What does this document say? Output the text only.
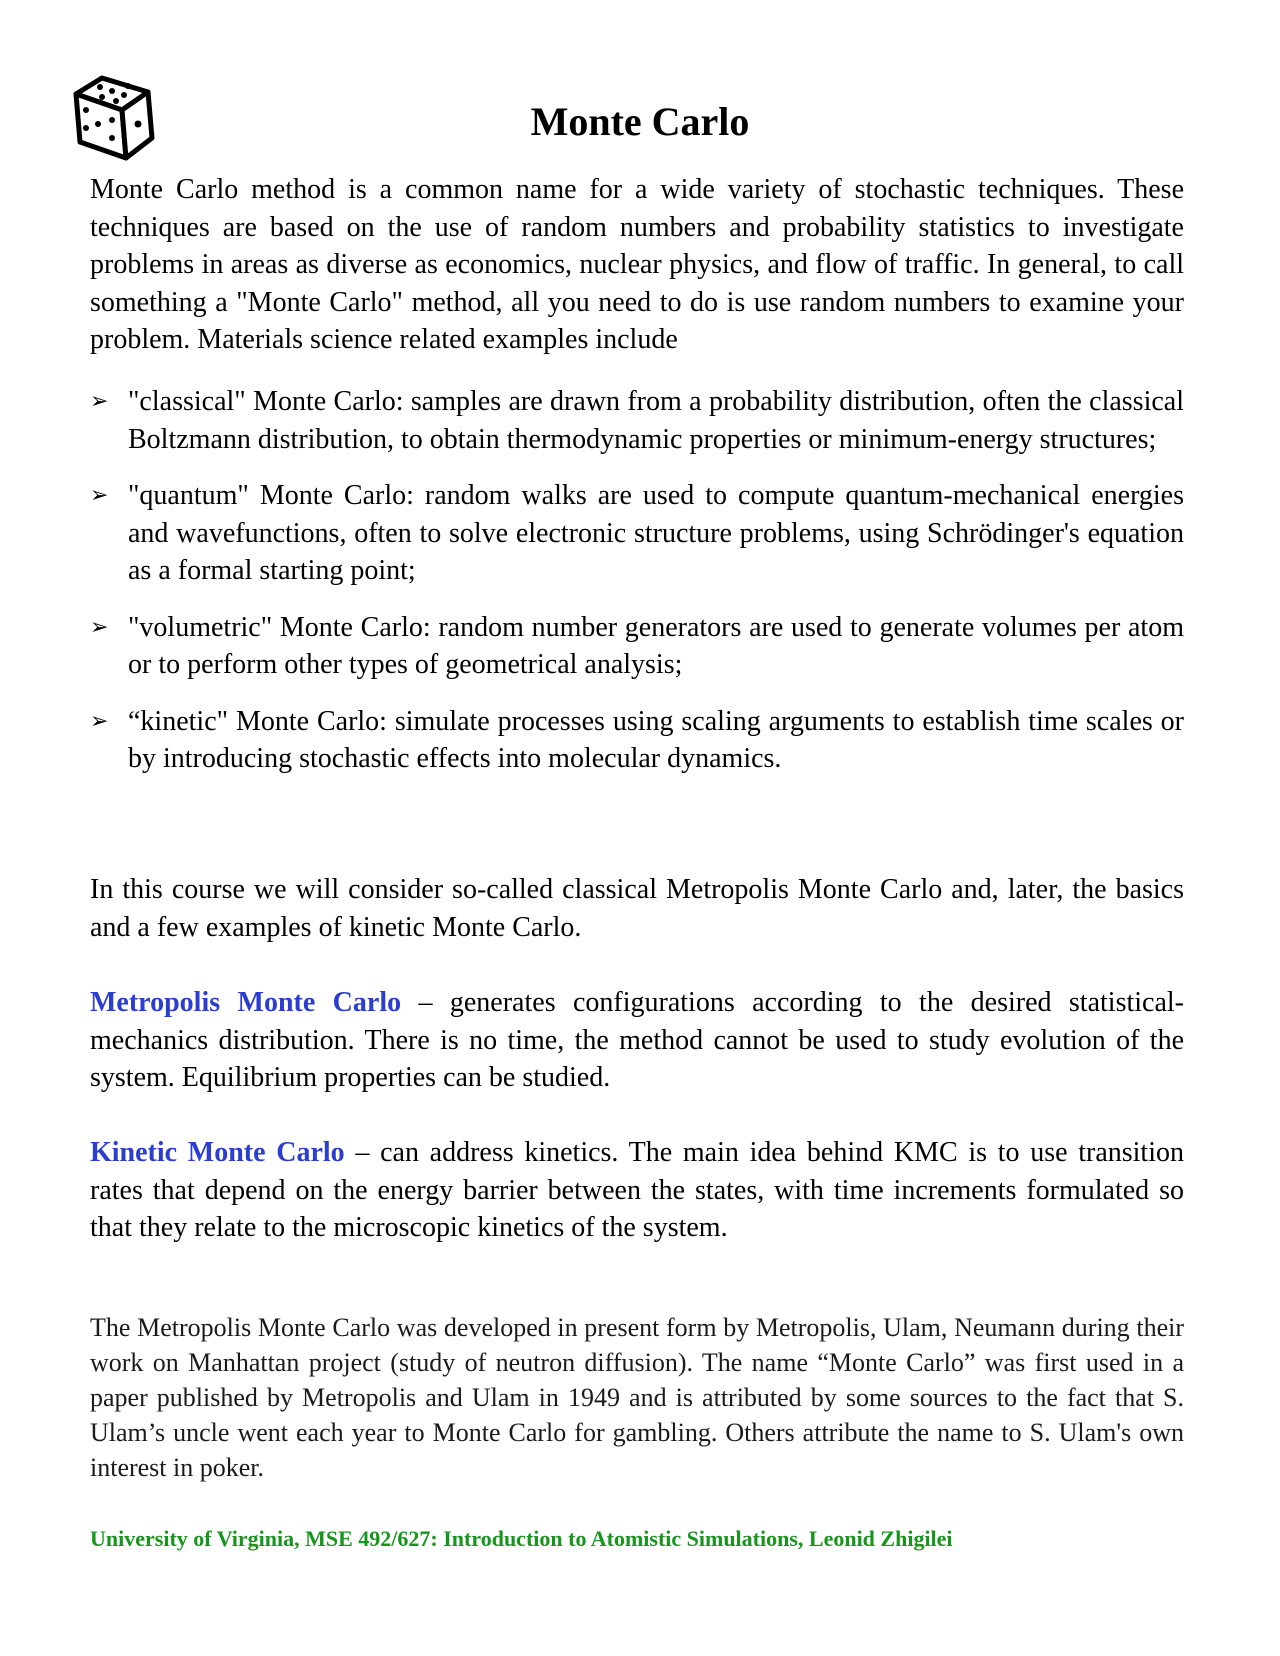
Monte Carlo
Monte Carlo method is a common name for a wide variety of stochastic techniques. These techniques are based on the use of random numbers and probability statistics to investigate problems in areas as diverse as economics, nuclear physics, and flow of traffic. In general, to call something a "Monte Carlo" method, all you need to do is use random numbers to examine your problem. Materials science related examples include
➢ "classical" Monte Carlo: samples are drawn from a probability distribution, often the classical Boltzmann distribution, to obtain thermodynamic properties or minimum-energy structures;
➢ "quantum" Monte Carlo: random walks are used to compute quantum-mechanical energies and wavefunctions, often to solve electronic structure problems, using Schrödinger's equation as a formal starting point;
➢ "volumetric" Monte Carlo: random number generators are used to generate volumes per atom or to perform other types of geometrical analysis;
➢ “kinetic" Monte Carlo: simulate processes using scaling arguments to establish time scales or by introducing stochastic effects into molecular dynamics.
In this course we will consider so-called classical Metropolis Monte Carlo and, later, the basics and a few examples of kinetic Monte Carlo.
Metropolis Monte Carlo – generates configurations according to the desired statistical-mechanics distribution. There is no time, the method cannot be used to study evolution of the system. Equilibrium properties can be studied.
Kinetic Monte Carlo – can address kinetics. The main idea behind KMC is to use transition rates that depend on the energy barrier between the states, with time increments formulated so that they relate to the microscopic kinetics of the system.
The Metropolis Monte Carlo was developed in present form by Metropolis, Ulam, Neumann during their work on Manhattan project (study of neutron diffusion). The name “Monte Carlo” was first used in a paper published by Metropolis and Ulam in 1949 and is attributed by some sources to the fact that S. Ulam’s uncle went each year to Monte Carlo for gambling. Others attribute the name to S. Ulam's own interest in poker.
University of Virginia, MSE 492/627: Introduction to Atomistic Simulations, Leonid Zhigilei
